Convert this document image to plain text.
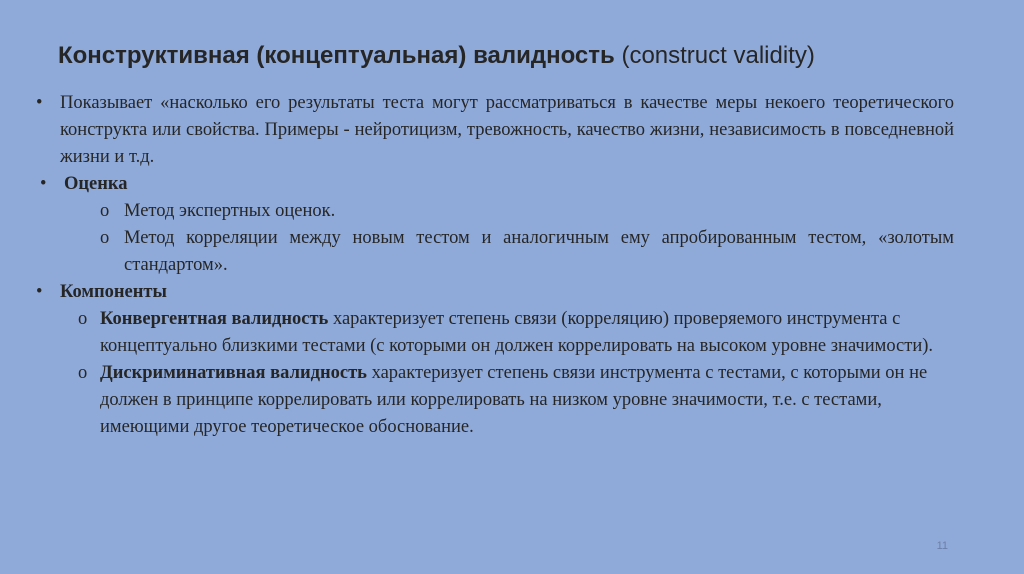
Конструктивная (концептуальная) валидность (construct validity)
• Показывает «насколько его результаты теста могут рассматриваться в качестве меры некоего теоретического конструкта или свойства. Примеры - нейротицизм, тревожность, качество жизни, независимость в повседневной жизни и т.д.
• Оценка
o Метод экспертных оценок.
o Метод корреляции между новым тестом и аналогичным ему апробированным тестом, «золотым стандартом».
• Компоненты
o Конвергентная валидность характеризует степень связи (корреляцию) проверяемого инструмента с концептуально близкими тестами (с которыми он должен коррелировать на высоком уровне значимости).
o Дискриминативная валидность характеризует степень связи инструмента с тестами, с которыми он не должен в принципе коррелировать или коррелировать на низком уровне значимости, т.е. с тестами, имеющими другое теоретическое обоснование.
11
